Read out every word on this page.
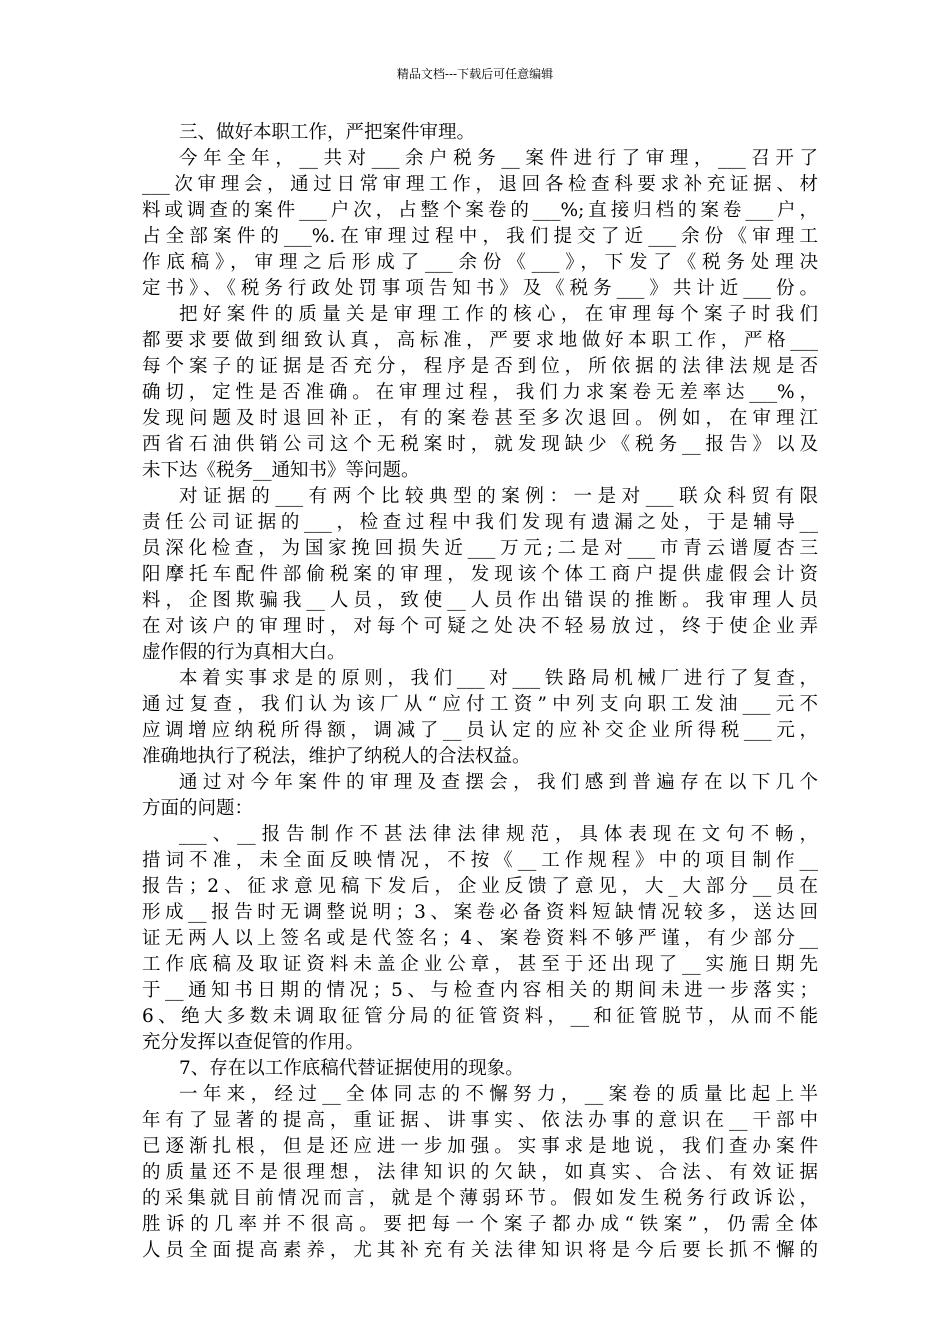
精品文档---下载后可任意编辑
三、做好本职工作，严把案件审理。
今年全年，__共对___余户税务__案件进行了审理，___召开了
___次审理会，通过日常审理工作，退回各检查科要求补充证据、材
料或调查的案件___户次，占整个案卷的___%;直接归档的案卷___户，
占全部案件的___%.在审理过程中，我们提交了近___余份《审理工
作底稿》，审理之后形成了___余份《___》，下发了《税务处理决
定书》、《税务行政处罚事项告知书》及《税务___》共计近___份。
把好案件的质量关是审理工作的核心，在审理每个案子时我们
都要求要做到细致认真，高标准，严要求地做好本职工作，严格___
每个案子的证据是否充分，程序是否到位，所依据的法律法规是否
确切，定性是否准确。在审理过程，我们力求案卷无差率达___%，
发现问题及时退回补正，有的案卷甚至多次退回。例如，在审理江
西省石油供销公司这个无税案时，就发现缺少《税务__报告》以及
未下达《税务__通知书》等问题。
对证据的___有两个比较典型的案例：一是对___联众科贸有限
责任公司证据的___，检查过程中我们发现有遗漏之处，于是辅导__
员深化检查，为国家挽回损失近___万元;二是对___市青云谱厦杏三
阳摩托车配件部偷税案的审理，发现该个体工商户提供虚假会计资
料，企图欺骗我__人员，致使__人员作出错误的推断。我审理人员
在对该户的审理时，对每个可疑之处决不轻易放过，终于使企业弄
虚作假的行为真相大白。
本着实事求是的原则，我们___对___铁路局机械厂进行了复查，
通过复查，我们认为该厂从“应付工资”中列支向职工发油___元不
应调增应纳税所得额，调减了__员认定的应补交企业所得税___元，
准确地执行了税法，维护了纳税人的合法权益。
通过对今年案件的审理及查摆会，我们感到普遍存在以下几个
方面的问题：
___、__报告制作不甚法律法律规范，具体表现在文句不畅，
措词不准，未全面反映情况，不按《__工作规程》中的项目制作__
报告；2、征求意见稿下发后，企业反馈了意见，大_大部分__员在
形成__报告时无调整说明；3、案卷必备资料短缺情况较多，送达回
证无两人以上签名或是代签名；4、案卷资料不够严谨，有少部分__
工作底稿及取证资料未盖企业公章，甚至于还出现了__实施日期先
于__通知书日期的情况；5、与检查内容相关的期间未进一步落实；
6、绝大多数未调取征管分局的征管资料，__和征管脱节，从而不能
充分发挥以查促管的作用。
7、存在以工作底稿代替证据使用的现象。
一年来，经过__全体同志的不懈努力，__案卷的质量比起上半
年有了显著的提高，重证据、讲事实、依法办事的意识在__干部中
已逐渐扎根，但是还应进一步加强。实事求是地说，我们查办案件
的质量还不是很理想，法律知识的欠缺，如真实、合法、有效证据
的采集就目前情况而言，就是个薄弱环节。假如发生税务行政诉讼，
胜诉的几率并不很高。要把每一个案子都办成“铁案”，仍需全体
人员全面提高素养，尤其补充有关法律知识将是今后要长抓不懈的
